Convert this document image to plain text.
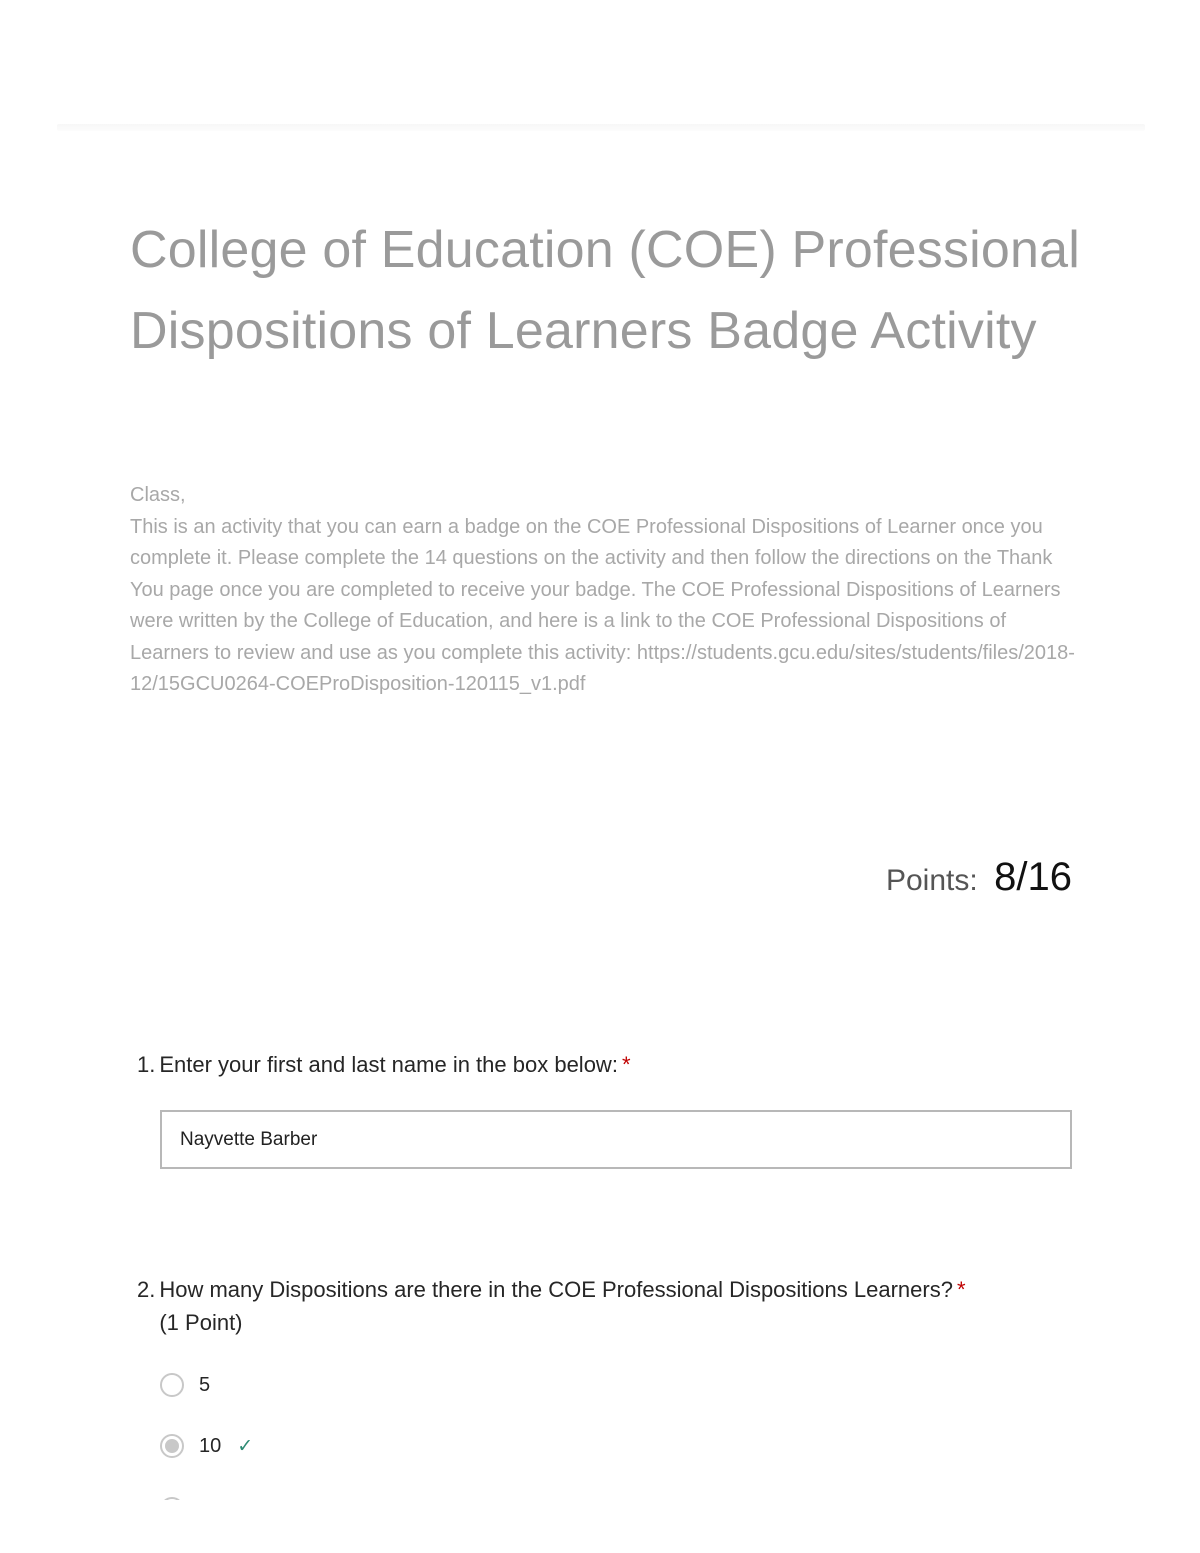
College of Education (COE) Professional Dispositions of Learners Badge Activity

Class,

This is an activity that you can earn a badge on the COE Professional Dispositions of Learner once you complete it. Please complete the 14 questions on the activity and then follow the directions on the Thank You page once you are completed to receive your badge. The COE Professional Dispositions of Learners were written by the College of Education, and here is a link to the COE Professional Dispositions of Learners to review and use as you complete this activity: https://students.gcu.edu/sites/students/files/2018-12/15GCU0264-COEProDisposition-120115_v1.pdf

Points: 8/16
1. Enter your first and last name in the box below: *
Nayvette Barber
2. How many Dispositions are there in the COE Professional Dispositions Learners? *
(1 Point)
5
10 ✓
